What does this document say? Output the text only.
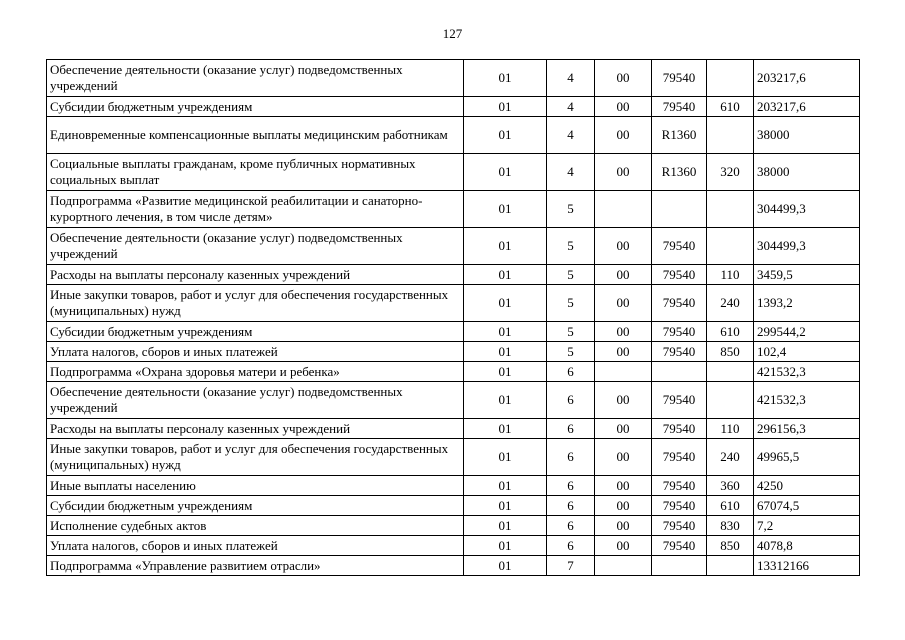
127
Обеспечение деятельности (оказание услуг) подведомственных учреждений	01	4	00	79540		203217,6
Субсидии бюджетным учреждениям	01	4	00	79540	610	203217,6
Единовременные компенсационные выплаты медицинским работникам	01	4	00	R1360		38000
Социальные выплаты гражданам, кроме публичных нормативных социальных выплат	01	4	00	R1360	320	38000
Подпрограмма «Развитие медицинской реабилитации и санаторно-курортного лечения, в том числе детям»	01	5				304499,3
Обеспечение деятельности (оказание услуг) подведомственных учреждений	01	5	00	79540		304499,3
Расходы на выплаты персоналу казенных учреждений	01	5	00	79540	110	3459,5
Иные закупки товаров, работ и услуг для обеспечения государственных (муниципальных) нужд	01	5	00	79540	240	1393,2
Субсидии бюджетным учреждениям	01	5	00	79540	610	299544,2
Уплата налогов, сборов и иных платежей	01	5	00	79540	850	102,4
Подпрограмма «Охрана здоровья матери и ребенка»	01	6				421532,3
Обеспечение деятельности (оказание услуг) подведомственных учреждений	01	6	00	79540		421532,3
Расходы на выплаты персоналу казенных учреждений	01	6	00	79540	110	296156,3
Иные закупки товаров, работ и услуг для обеспечения государственных (муниципальных) нужд	01	6	00	79540	240	49965,5
Иные выплаты населению	01	6	00	79540	360	4250
Субсидии бюджетным учреждениям	01	6	00	79540	610	67074,5
Исполнение судебных актов	01	6	00	79540	830	7,2
Уплата налогов, сборов и иных платежей	01	6	00	79540	850	4078,8
Подпрограмма «Управление развитием отрасли»	01	7				13312166
